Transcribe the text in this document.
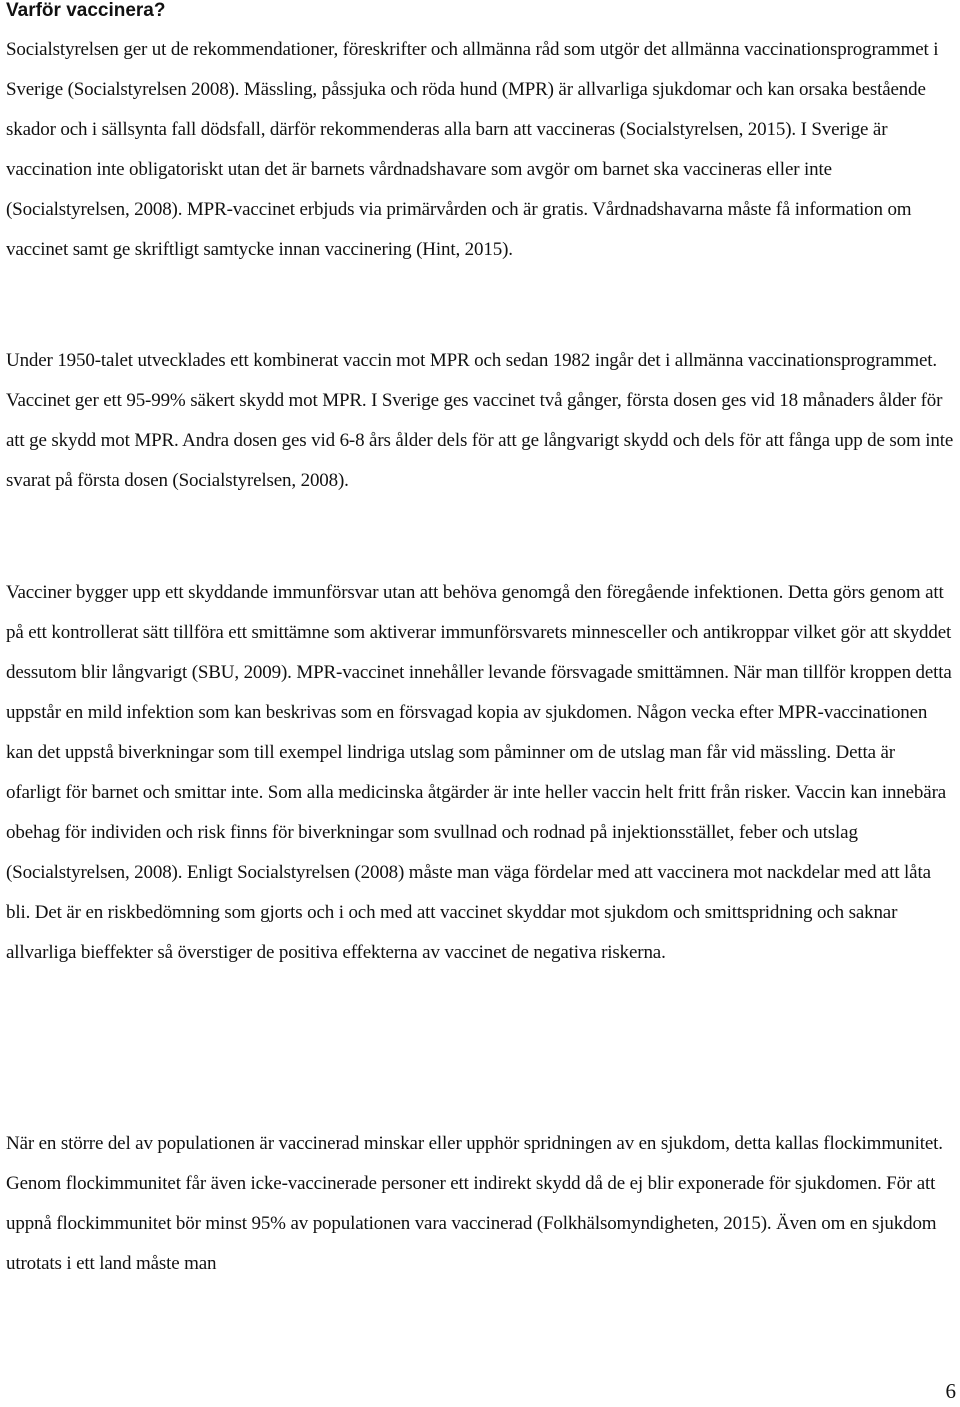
Varför vaccinera?

Socialstyrelsen ger ut de rekommendationer, föreskrifter och allmänna råd som utgör det allmänna vaccinationsprogrammet i Sverige (Socialstyrelsen 2008). Mässling, påssjuka och röda hund (MPR) är allvarliga sjukdomar och kan orsaka bestående skador och i sällsynta fall dödsfall, därför rekommenderas alla barn att vaccineras (Socialstyrelsen, 2015). I Sverige är vaccination inte obligatoriskt utan det är barnets vårdnadshavare som avgör om barnet ska vaccineras eller inte (Socialstyrelsen, 2008). MPR-vaccinet erbjuds via primärvården och är gratis. Vårdnadshavarna måste få information om vaccinet samt ge skriftligt samtycke innan vaccinering (Hint, 2015).

Under 1950-talet utvecklades ett kombinerat vaccin mot MPR och sedan 1982 ingår det i allmänna vaccinationsprogrammet. Vaccinet ger ett 95-99% säkert skydd mot MPR. I Sverige ges vaccinet två gånger, första dosen ges vid 18 månaders ålder för att ge skydd mot MPR. Andra dosen ges vid 6-8 års ålder dels för att ge långvarigt skydd och dels för att fånga upp de som inte svarat på första dosen (Socialstyrelsen, 2008).

Vacciner bygger upp ett skyddande immunförsvar utan att behöva genomgå den föregående infektionen. Detta görs genom att på ett kontrollerat sätt tillföra ett smittämne som aktiverar immunförsvarets minnesceller och antikroppar vilket gör att skyddet dessutom blir långvarigt (SBU, 2009). MPR-vaccinet innehåller levande försvagade smittämnen. När man tillför kroppen detta uppstår en mild infektion som kan beskrivas som en försvagad kopia av sjukdomen. Någon vecka efter MPR-vaccinationen kan det uppstå biverkningar som till exempel lindriga utslag som påminner om de utslag man får vid mässling. Detta är ofarligt för barnet och smittar inte. Som alla medicinska åtgärder är inte heller vaccin helt fritt från risker. Vaccin kan innebära obehag för individen och risk finns för biverkningar som svullnad och rodnad på injektionsstället, feber och utslag (Socialstyrelsen, 2008). Enligt Socialstyrelsen (2008) måste man väga fördelar med att vaccinera mot nackdelar med att låta bli. Det är en riskbedömning som gjorts och i och med att vaccinet skyddar mot sjukdom och smittspridning och saknar allvarliga bieffekter så överstiger de positiva effekterna av vaccinet de negativa riskerna.

När en större del av populationen är vaccinerad minskar eller upphör spridningen av en sjukdom, detta kallas flockimmunitet. Genom flockimmunitet får även icke-vaccinerade personer ett indirekt skydd då de ej blir exponerade för sjukdomen. För att uppnå flockimmunitet bör minst 95% av populationen vara vaccinerad (Folkhälsomyndigheten, 2015). Även om en sjukdom utrotats i ett land måste man

6
